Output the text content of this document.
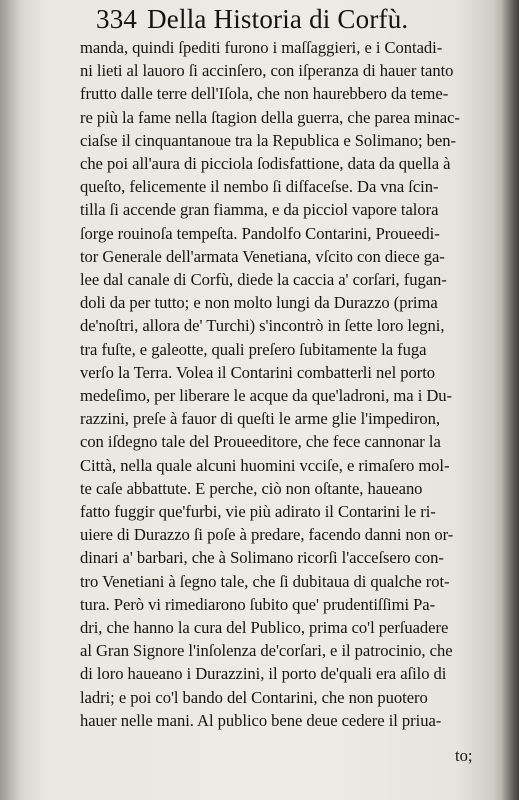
334 Della Historia di Corfù.
manda, quindi ſpediti furono i maſſaggieri, e i Contadi-
ni lieti al lauoro ſi accinſero, con iſperanza di hauer tanto
frutto dalle terre dell'Iſola, che non haurebbero da teme-
re più la fame nella ſtagion della guerra, che parea minac-
ciaſse il cinquantanoue tra la Republica e Solimano; ben-
che poi all'aura di picciola ſodisfattione, data da quella à
queſto, felicemente il nembo ſi diſfaceſse. Da vna ſcin-
tilla ſi accende gran fiamma, e da picciol vapore talora
ſorge rouinoſa tempeſta. Pandolfo Contarini, Proueedi-
tor Generale dell'armata Venetiana, vſcito con diece ga-
lee dal canale di Corfù, diede la caccia a' corſari, fugan-
doli da per tutto; e non molto lungi da Durazzo (prima
de'noſtri, allora de' Turchi) s'incontrò in ſette loro legni,
tra fuſte, e galeotte, quali preſero ſubitamente la fuga
verſo la Terra. Volea il Contarini combatterli nel porto
medeſimo, per liberare le acque da que'ladroni, ma i Du-
razzini, preſe à fauor di queſti le arme glie l'impediron,
con iſdegno tale del Proueeditore, che fece cannonar la
Città, nella quale alcuni huomini vcciſe, e rimaſero mol-
te caſe abbattute. E perche, ciò non oſtante, haueano
fatto fuggir que'furbi, vie più adirato il Contarini le ri-
uiere di Durazzo ſi poſe à predare, facendo danni non or-
dinari a' barbari, che à Solimano ricorſi l'acceſsero con-
tro Venetiani à ſegno tale, che ſi dubitaua di qualche rot-
tura. Però vi rimediarono ſubito que' prudentiſſimi Pa-
dri, che hanno la cura del Publico, prima co'l perſuadere
al Gran Signore l'inſolenza de'corſari, e il patrocinio, che
di loro haueano i Durazzini, il porto de'quali era aſilo di
ladri; e poi co'l bando del Contarini, che non puotero
hauer nelle mani. Al publico bene deue cedere il priua-
to;
